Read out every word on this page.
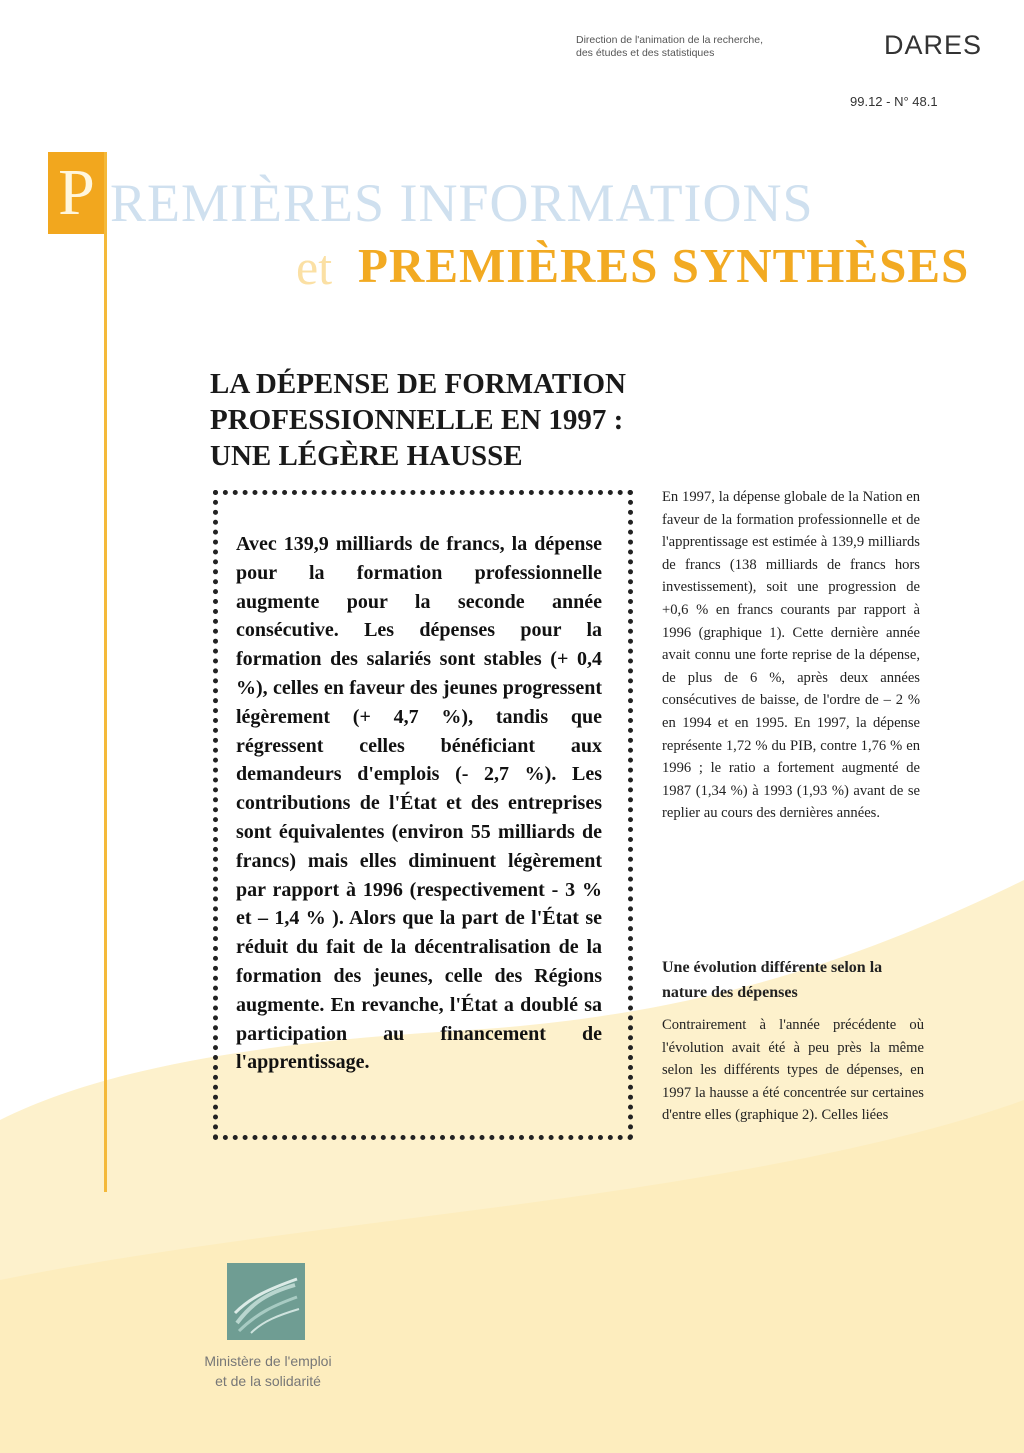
Direction de l'animation de la recherche,
des études et des statistiques	DARES
99.12 - N° 48.1
P REMIÈRES INFORMATIONS
et PREMIÈRES SYNTHÈSES
LA DÉPENSE DE FORMATION
PROFESSIONNELLE EN 1997 :
UNE LÉGÈRE HAUSSE
Avec 139,9 milliards de francs, la dépense pour la formation professionnelle augmente pour la seconde année consécutive. Les dépenses pour la formation des salariés sont stables (+ 0,4 %), celles en faveur des jeunes progressent légèrement (+ 4,7 %), tandis que régressent celles bénéficiant aux demandeurs d'emplois (- 2,7 %). Les contributions de l'État et des entreprises sont équivalentes (environ 55 milliards de francs) mais elles diminuent légèrement par rapport à 1996 (respectivement - 3 % et – 1,4 % ). Alors que la part de l'État se réduit du fait de la décentralisation de la formation des jeunes, celle des Régions augmente. En revanche, l'État a doublé sa participation au financement de l'apprentissage.
En 1997, la dépense globale de la Nation en faveur de la formation professionnelle et de l'apprentissage est estimée à 139,9 milliards de francs (138 milliards de francs hors investissement), soit une progression de +0,6 % en francs courants par rapport à 1996 (graphique 1). Cette dernière année avait connu une forte reprise de la dépense, de plus de 6 %, après deux années consécutives de baisse, de l'ordre de – 2 % en 1994 et en 1995. En 1997, la dépense représente 1,72 % du PIB, contre 1,76 % en 1996 ; le ratio a fortement augmenté de 1987 (1,34 %) à 1993 (1,93 %) avant de se replier au cours des dernières années.
Une évolution différente selon la nature des dépenses
Contrairement à l'année précédente où l'évolution avait été à peu près la même selon les différents types de dépenses, en 1997 la hausse a été concentrée sur certaines d'entre elles (graphique 2). Celles liées
Ministère de l'emploi
et de la solidarité
